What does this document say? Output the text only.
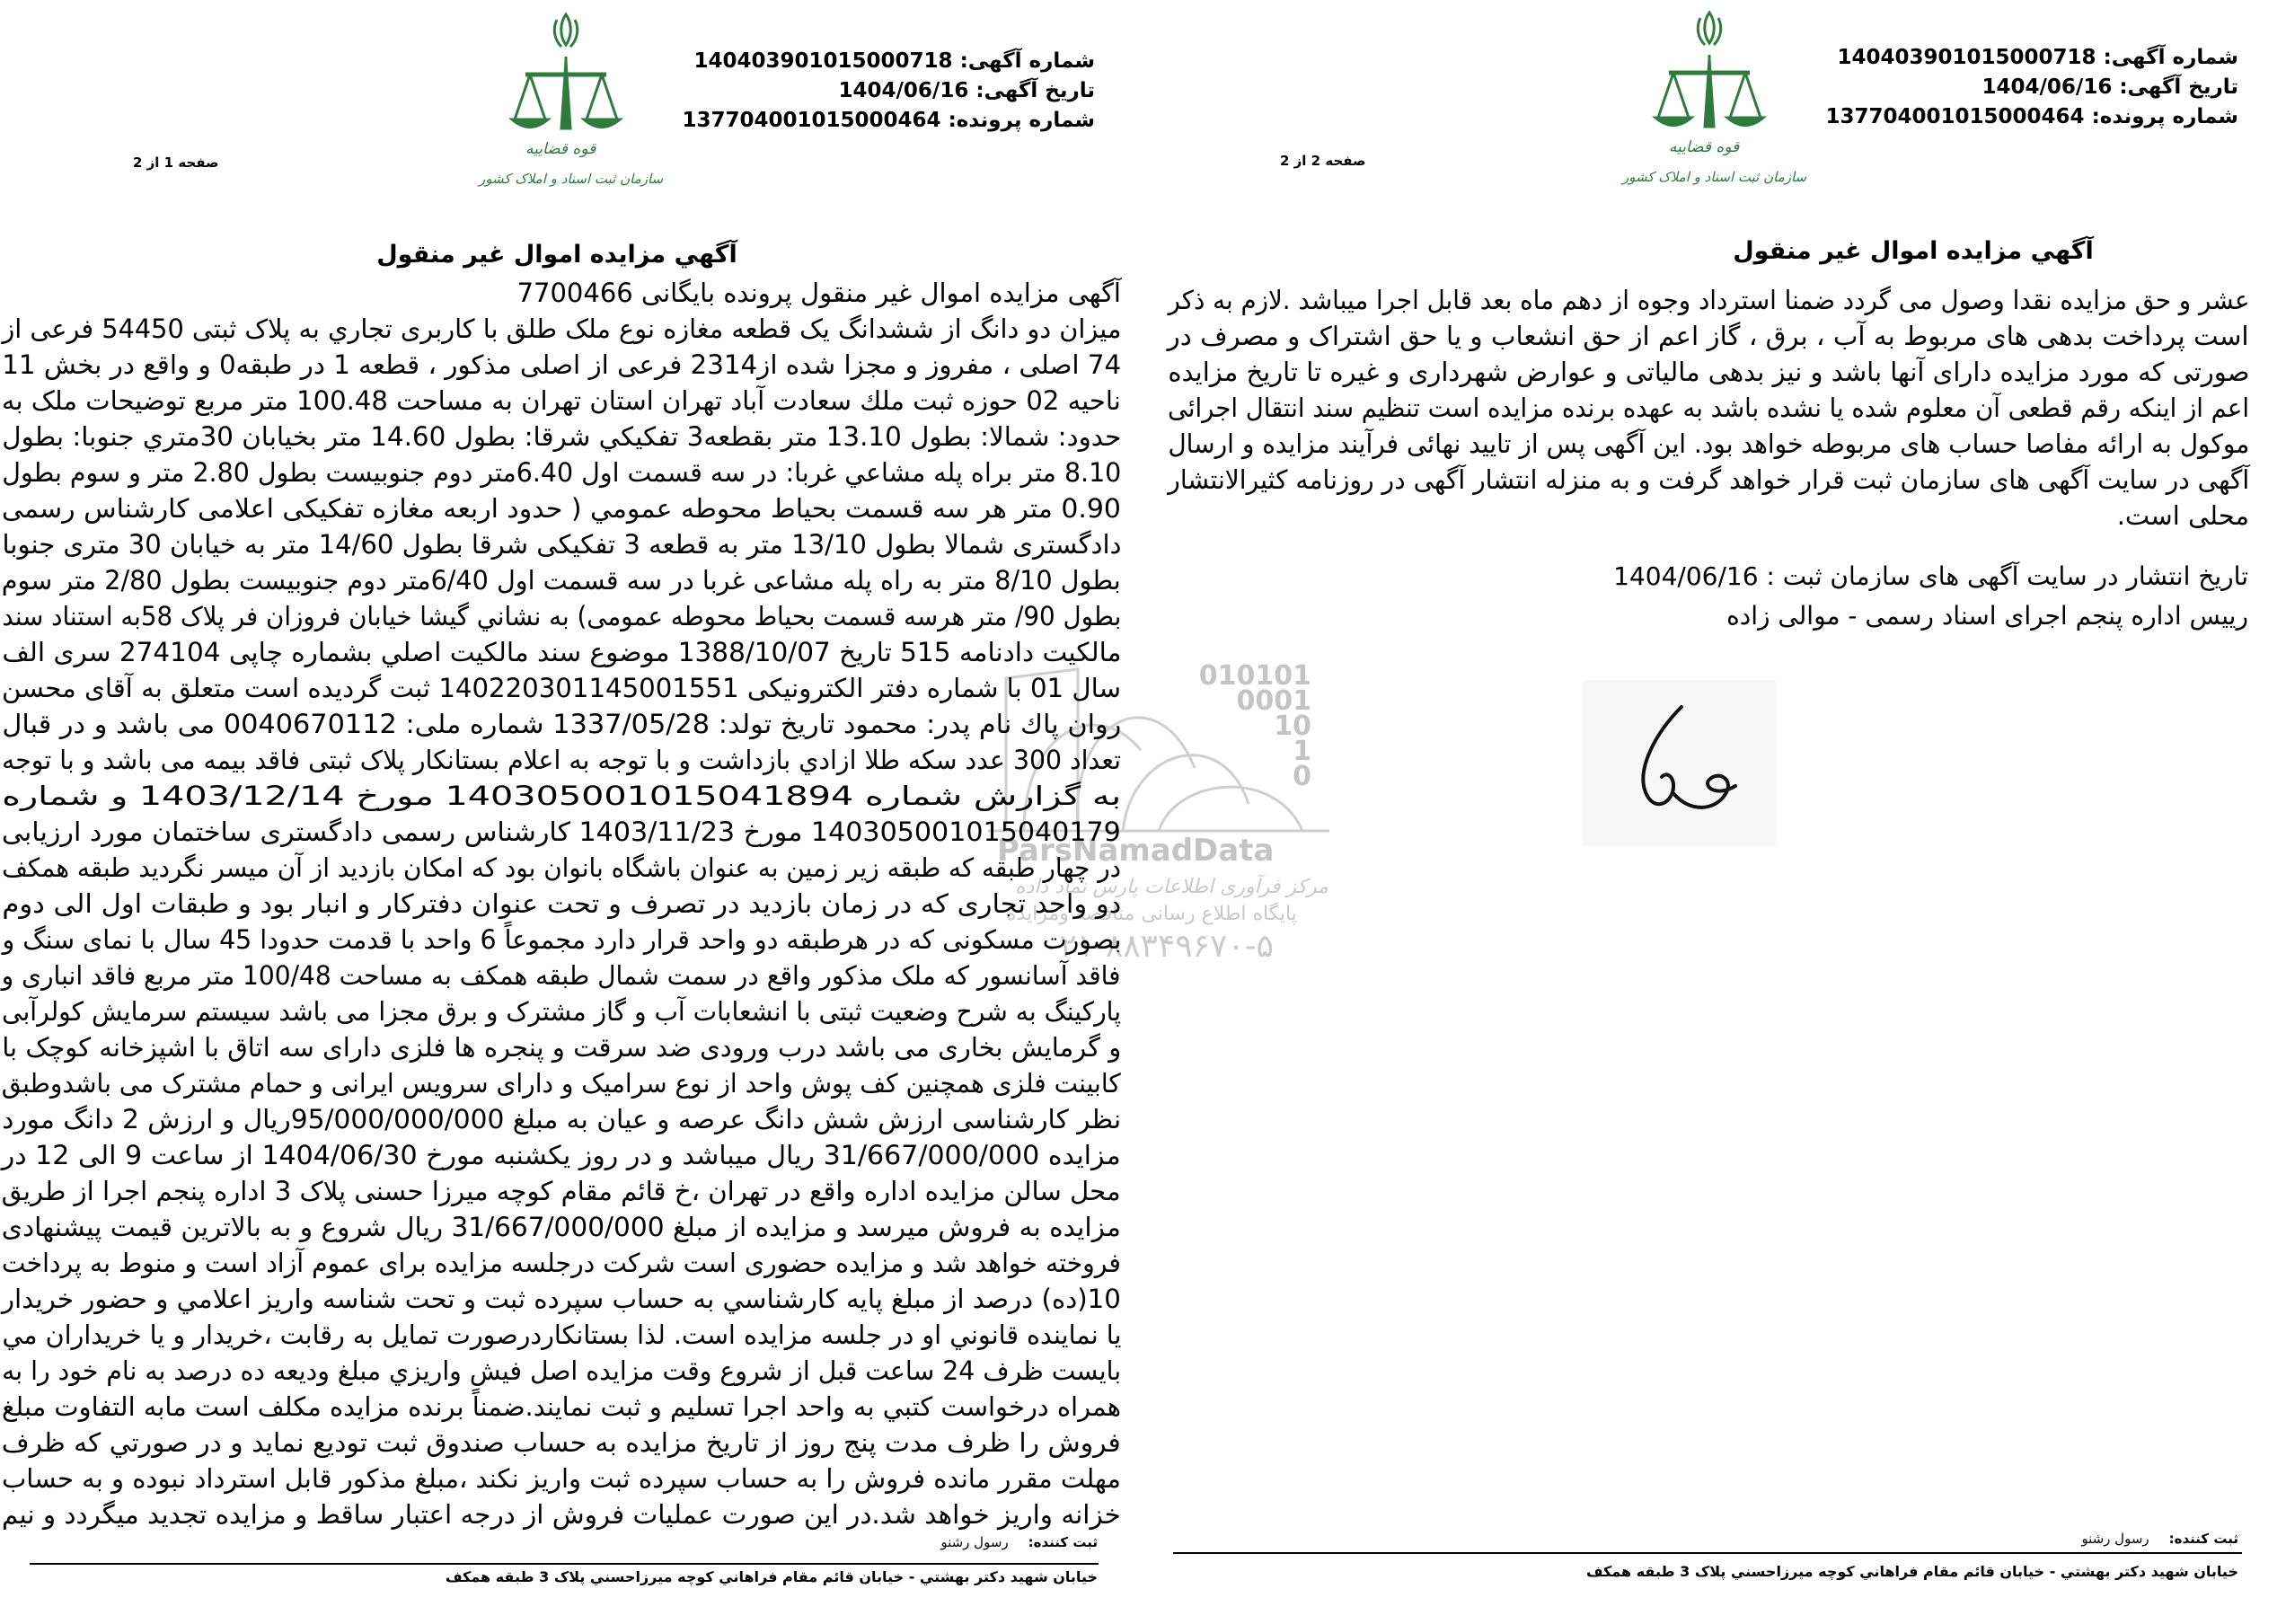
010101
0001
10
1
0
ParsNamadData
مرکز فرآوری اطلاعات پارس نماد داده
پایگاه اطلاع رسانی مناقصه ومزایده
۰۲۱-۸۸۳۴۹۶۷۰-۵
شماره آگهی: 140403901015000718
تاریخ آگهی: 1404/06/16
شماره پرونده: 137704001015000464
قوه قضاییه
سازمان ثبت اسناد و املاک کشور
صفحه 1 از 2
آگهي مزایده اموال غیر منقول
آگهی مزایده اموال غیر منقول پرونده بایگانی 7700466
میزان دو دانگ از ششدانگ یک قطعه مغازه نوع ملک طلق با کاربری تجاري به پلاک ثبتی 54450 فرعی از
74 اصلی ، مفروز و مجزا شده از2314 فرعی از اصلی مذکور ، قطعه 1 در طبقه0 و واقع در بخش 11
ناحیه 02 حوزه ثبت ملك سعادت آباد تهران استان تهران به مساحت 100.48 متر مربع توضیحات ملک به
حدود: شمالا: بطول 13.10 متر بقطعه3 تفكيكي شرقا: بطول 14.60 متر بخيابان 30متري جنوبا: بطول
8.10 متر براه پله مشاعي غربا: در سه قسمت اول 6.40متر دوم جنوبيست بطول 2.80 متر و سوم بطول
0.90 متر هر سه قسمت بحياط محوطه عمومي ( حدود اربعه مغازه تفکیکی اعلامی کارشناس رسمی
دادگستری شمالا بطول 13/10 متر به قطعه 3 تفکیکی شرقا بطول 14/60 متر به خیابان 30 متری جنوبا
بطول 8/10 متر به راه پله مشاعی غربا در سه قسمت اول 6/40متر دوم جنوبیست بطول 2/80 متر سوم
بطول 90/ متر هرسه قسمت بحیاط محوطه عمومی) به نشاني گیشا خیابان فروزان فر پلاک 58به استناد سند
مالکیت دادنامه 515 تاریخ 1388/10/07 موضوع سند مالكيت اصلي بشماره چاپی 274104 سری الف
سال 01 با شماره دفتر الکترونیکی 140220301145001551 ثبت گردیده است متعلق به آقای محسن
روان پاك نام پدر: محمود تاریخ تولد: 1337/05/28 شماره ملی: 0040670112 می باشد و در قبال
تعداد 300 عدد سکه طلا ازادي بازداشت و با توجه به اعلام بستانکار پلاک ثبتی فاقد بیمه می باشد و با توجه
به گزارش شماره 140305001015041894 مورخ 1403/12/14 و شماره
140305001015040179 مورخ 1403/11/23 کارشناس رسمی دادگستری ساختمان مورد ارزیابی
در چهار طبقه که طبقه زیر زمین به عنوان باشگاه بانوان بود که امکان بازدید از آن میسر نگردید طبقه همکف
دو واحد تجاری که در زمان بازدید در تصرف و تحت عنوان دفترکار و انبار بود و طبقات اول الی دوم
بصورت مسکونی که در هرطبقه دو واحد قرار دارد مجموعاً 6 واحد با قدمت حدودا 45 سال با نمای سنگ و
فاقد آسانسور که ملک مذکور واقع در سمت شمال طبقه همکف به مساحت 100/48 متر مربع فاقد انباری و
پارکینگ به شرح وضعیت ثبتی با انشعابات آب و گاز مشترک و برق مجزا می باشد سیستم سرمایش کولرآبی
و گرمایش بخاری می باشد درب ورودی ضد سرقت و پنجره ها فلزی دارای سه اتاق با اشپزخانه کوچک با
کابینت فلزی همچنین کف پوش واحد از نوع سرامیک و دارای سرویس ایرانی و حمام مشترک می باشدوطبق
نظر کارشناسی ارزش شش دانگ عرصه و عیان به مبلغ 95/000/000/000ریال و ارزش 2 دانگ مورد
مزایده 31/667/000/000 ریال میباشد و در روز یکشنبه مورخ 1404/06/30 از ساعت 9 الی 12 در
محل سالن مزایده اداره واقع در تهران ،خ قائم مقام کوچه میرزا حسنی پلاک 3 اداره پنجم اجرا از طریق
مزایده به فروش میرسد و مزایده از مبلغ 31/667/000/000 ریال شروع و به بالاترین قیمت پیشنهادی
فروخته خواهد شد و مزایده حضوری است شرکت درجلسه مزایده برای عموم آزاد است و منوط به پرداخت
10(ده) درصد از مبلغ پایه کارشناسي به حساب سپرده ثبت و تحت شناسه واریز اعلامي و حضور خریدار
یا نماینده قانوني او در جلسه مزایده است. لذا بستانکاردرصورت تمایل به رقابت ،خریدار و یا خریداران مي
بایست ظرف 24 ساعت قبل از شروع وقت مزایده اصل فیش واریزي مبلغ ودیعه ده درصد به نام خود را به
همراه درخواست کتبي به واحد اجرا تسلیم و ثبت نمایند.ضمناً برنده مزایده مکلف است مابه التفاوت مبلغ
فروش را ظرف مدت پنج روز از تاریخ مزایده به حساب صندوق ثبت تودیع نماید و در صورتي که ظرف
مهلت مقرر مانده فروش را به حساب سپرده ثبت واریز نکند ،مبلغ مذکور قابل استرداد نبوده و به حساب
خزانه واریز خواهد شد.در این صورت عملیات فروش از درجه اعتبار ساقط و مزایده تجدید میگردد و نیم
ثبت کننده:رسول رشنو
خیابان شهید دکتر بهشتي - خیابان قائم مقام فراهاني کوچه میرزاحسني پلاک 3 طبقه همکف
شماره آگهی: 140403901015000718
تاریخ آگهی: 1404/06/16
شماره پرونده: 137704001015000464
قوه قضاییه
سازمان ثبت اسناد و املاک کشور
صفحه 2 از 2
آگهي مزایده اموال غیر منقول
عشر و حق مزایده نقدا وصول می گردد ضمنا استرداد وجوه از دهم ماه بعد قابل اجرا میباشد .لازم به ذکر
است پرداخت بدهی های مربوط به آب ، برق ، گاز اعم از حق انشعاب و یا حق اشتراک و مصرف در
صورتی که مورد مزایده دارای آنها باشد و نیز بدهی مالیاتی و عوارض شهرداری و غیره تا تاریخ مزایده
اعم از اینکه رقم قطعی آن معلوم شده یا نشده باشد به عهده برنده مزایده است تنظیم سند انتقال اجرائی
موکول به ارائه مفاصا حساب های مربوطه خواهد بود. این آگهی پس از تایید نهائی فرآیند مزایده و ارسال
آگهی در سایت آگهی های سازمان ثبت قرار خواهد گرفت و به منزله انتشار آگهی در روزنامه کثیرالانتشار
محلی است.
تاریخ انتشار در سایت آگهی های سازمان ثبت : 1404/06/16
رییس اداره پنجم اجرای اسناد رسمی - موالی زاده
ثبت کننده:رسول رشنو
خیابان شهید دکتر بهشتي - خیابان قائم مقام فراهاني کوچه میرزاحسني پلاک 3 طبقه همکف
